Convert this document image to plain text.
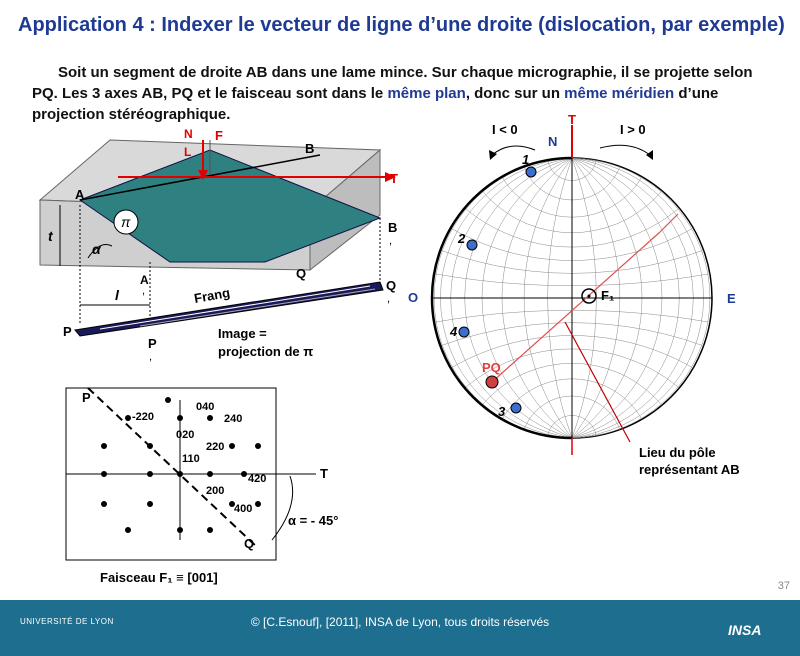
Application 4 : Indexer le vecteur de ligne d’une droite (dislocation, par exemple)

Soit un segment de droite AB dans une lame mince. Sur chaque micrographie, il se projette selon PQ. Les 3 axes AB, PQ et le faisceau sont dans le même plan, donc sur un même méridien d’une projection stéréographique.

N
L
F
B
T
A
π
t
α
B
,
A
,
Q
Q
,
l	Frang
P
P
,
Image =
projection de π
P
Q
T
040
-220	240
020
220
110
420
200
400
α = - 45°
Faisceau F₁ ≡ [001]
I < 0	I > 0
T
N
O	E
F₁
PQ
1
2
4
3
Lieu du pôle
représentant AB
37
UNIVERSITÉ DE LYON	© [C.Esnouf], [2011], INSA de Lyon, tous droits réservés	INSA
